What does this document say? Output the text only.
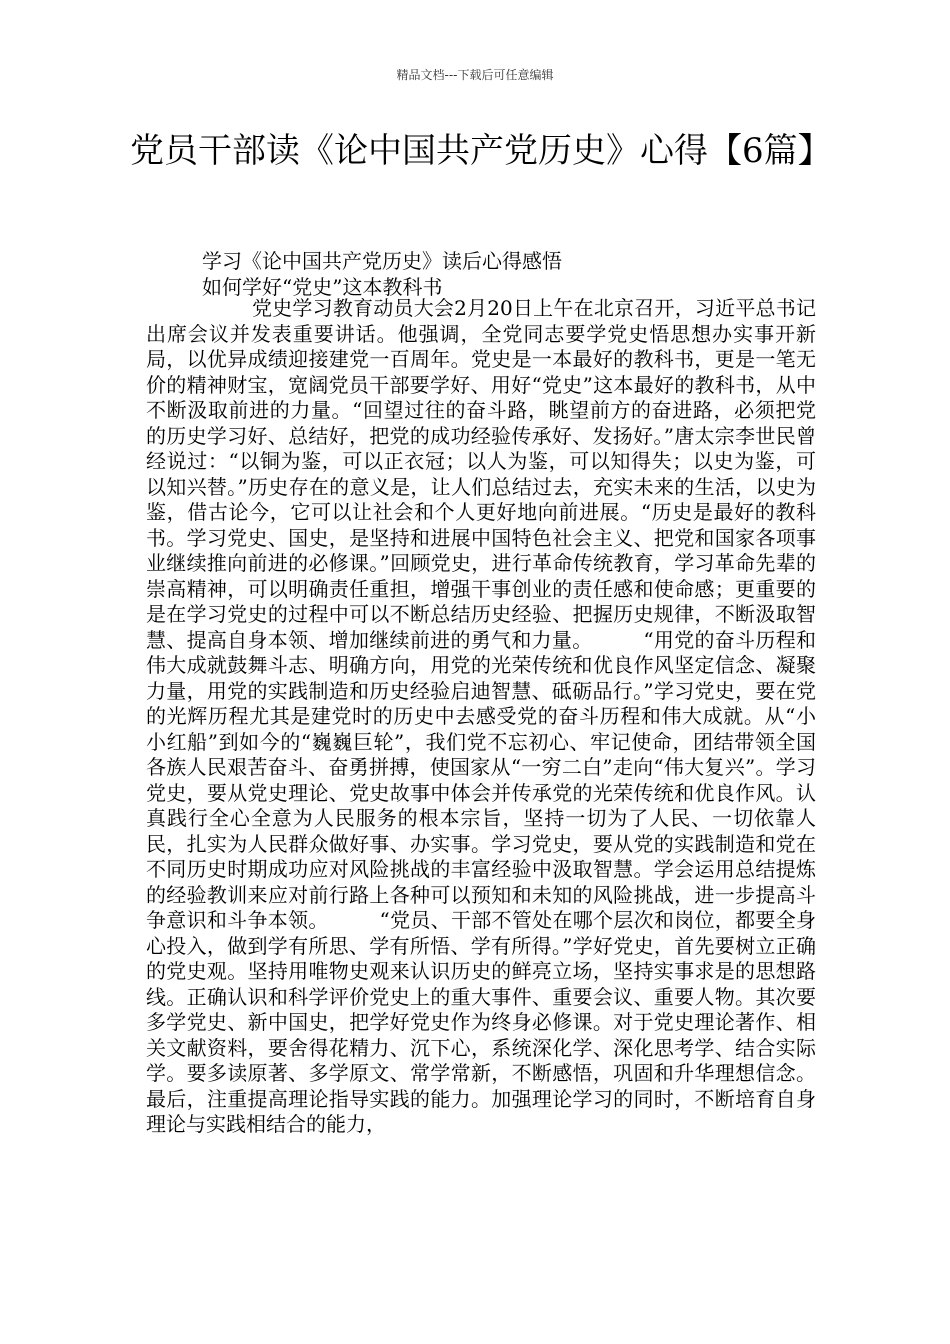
精品文档---下载后可任意编辑
党员干部读《论中国共产党历史》心得【6篇】
学习《论中国共产党历史》读后心得感悟
如何学好“党史”这本教科书

党史学习教育动员大会2月20日上午在北京召开，习近平总书记出席会议并发表重要讲话。他强调，全党同志要学党史悟思想办实事开新局，以优异成绩迎接建党一百周年。党史是一本最好的教科书，更是一笔无价的精神财宝，宽阔党员干部要学好、用好“党史”这本最好的教科书，从中不断汲取前进的力量。“回望过往的奋斗路，眺望前方的奋进路，必须把党的历史学习好、总结好，把党的成功经验传承好、发扬好。”唐太宗李世民曾经说过：“以铜为鉴，可以正衣冠；以人为鉴，可以知得失；以史为鉴，可以知兴替。”历史存在的意义是，让人们总结过去，充实未来的生活，以史为鉴，借古论今，它可以让社会和个人更好地向前进展。“历史是最好的教科书。学习党史、国史，是坚持和进展中国特色社会主义、把党和国家各项事业继续推向前进的必修课。”回顾党史，进行革命传统教育，学习革命先辈的崇高精神，可以明确责任重担，增强干事创业的责任感和使命感；更重要的是在学习党史的过程中可以不断总结历史经验、把握历史规律，不断汲取智慧、提高自身本领、增加继续前进的勇气和力量。　　　“用党的奋斗历程和伟大成就鼓舞斗志、明确方向，用党的光荣传统和优良作风坚定信念、凝聚力量，用党的实践制造和历史经验启迪智慧、砥砺品行。”学习党史，要在党的光辉历程尤其是建党时的历史中去感受党的奋斗历程和伟大成就。从“小小红船”到如今的“巍巍巨轮”，我们党不忘初心、牢记使命，团结带领全国各族人民艰苦奋斗、奋勇拼搏，使国家从“一穷二白”走向“伟大复兴”。学习党史，要从党史理论、党史故事中体会并传承党的光荣传统和优良作风。认真践行全心全意为人民服务的根本宗旨，坚持一切为了人民、一切依靠人民，扎实为人民群众做好事、办实事。学习党史，要从党的实践制造和党在不同历史时期成功应对风险挑战的丰富经验中汲取智慧。学会运用总结提炼的经验教训来应对前行路上各种可以预知和未知的风险挑战，进一步提高斗争意识和斗争本领。　　　“党员、干部不管处在哪个层次和岗位，都要全身心投入，做到学有所思、学有所悟、学有所得。”学好党史，首先要树立正确的党史观。坚持用唯物史观来认识历史的鲜亮立场，坚持实事求是的思想路线。正确认识和科学评价党史上的重大事件、重要会议、重要人物。其次要多学党史、新中国史，把学好党史作为终身必修课。对于党史理论著作、相关文献资料，要舍得花精力、沉下心，系统深化学、深化思考学、结合实际学。要多读原著、多学原文、常学常新，不断感悟，巩固和升华理想信念。最后，注重提高理论指导实践的能力。加强理论学习的同时，不断培育自身理论与实践相结合的能力，
